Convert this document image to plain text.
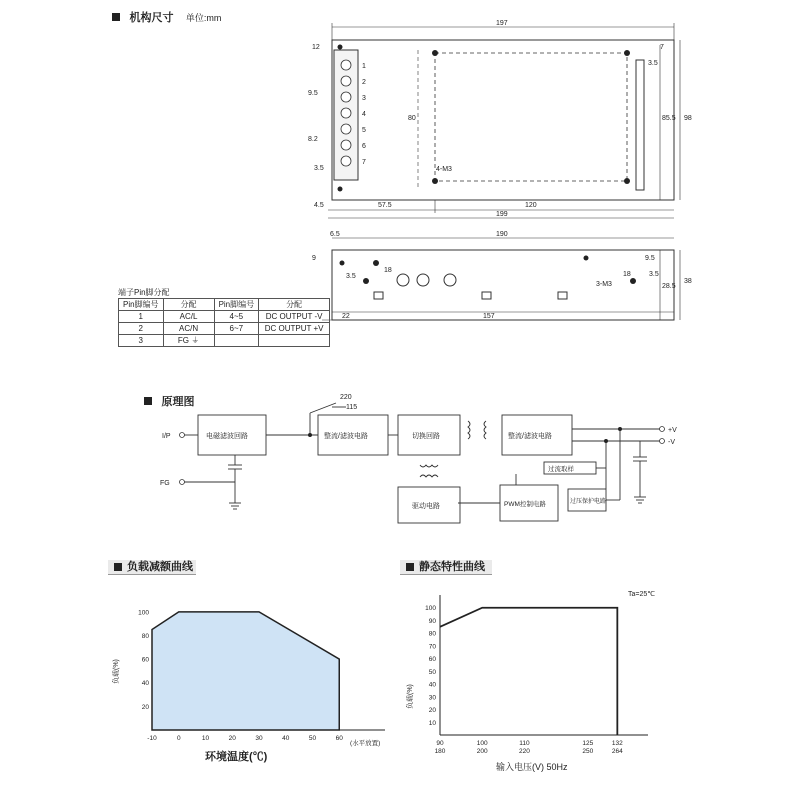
机构尺寸 单位:mm
1
2
3
4
5
6
7
197
12	7
3.5
85.5 98
9.5
8.2
80
4-M3
3.5
4.5	57.5	120
199
6.5	190
9
18
3.5
9.5
3-M3
18	3.5
28.5
38
22	157
端子Pin脚分配
Pin脚编号	分配	Pin脚编号	分配
1	AC/L	4~5	DC OUTPUT -V
2	AC/N	6~7	DC OUTPUT +V
3	FG ⏚		
原理图
I/P
FG
电磁滤波回路
220
115
整流/滤波电路	切换回路	整流/滤波电路
+V
-V
过流取样
PWM控制电路	过压保护电路
驱动电路
负载减额曲线
100
80
60
40
20
-10	0	10	20	30	40	50	60
负载(%)
环境温度(℃)
(水平放置)
静态特性曲线
100
90
80
70
60
50
40
30
20
10
90
180
100
200
110
220
125
250
132
264
Ta=25℃
负载(%)
输入电压(V) 50Hz
